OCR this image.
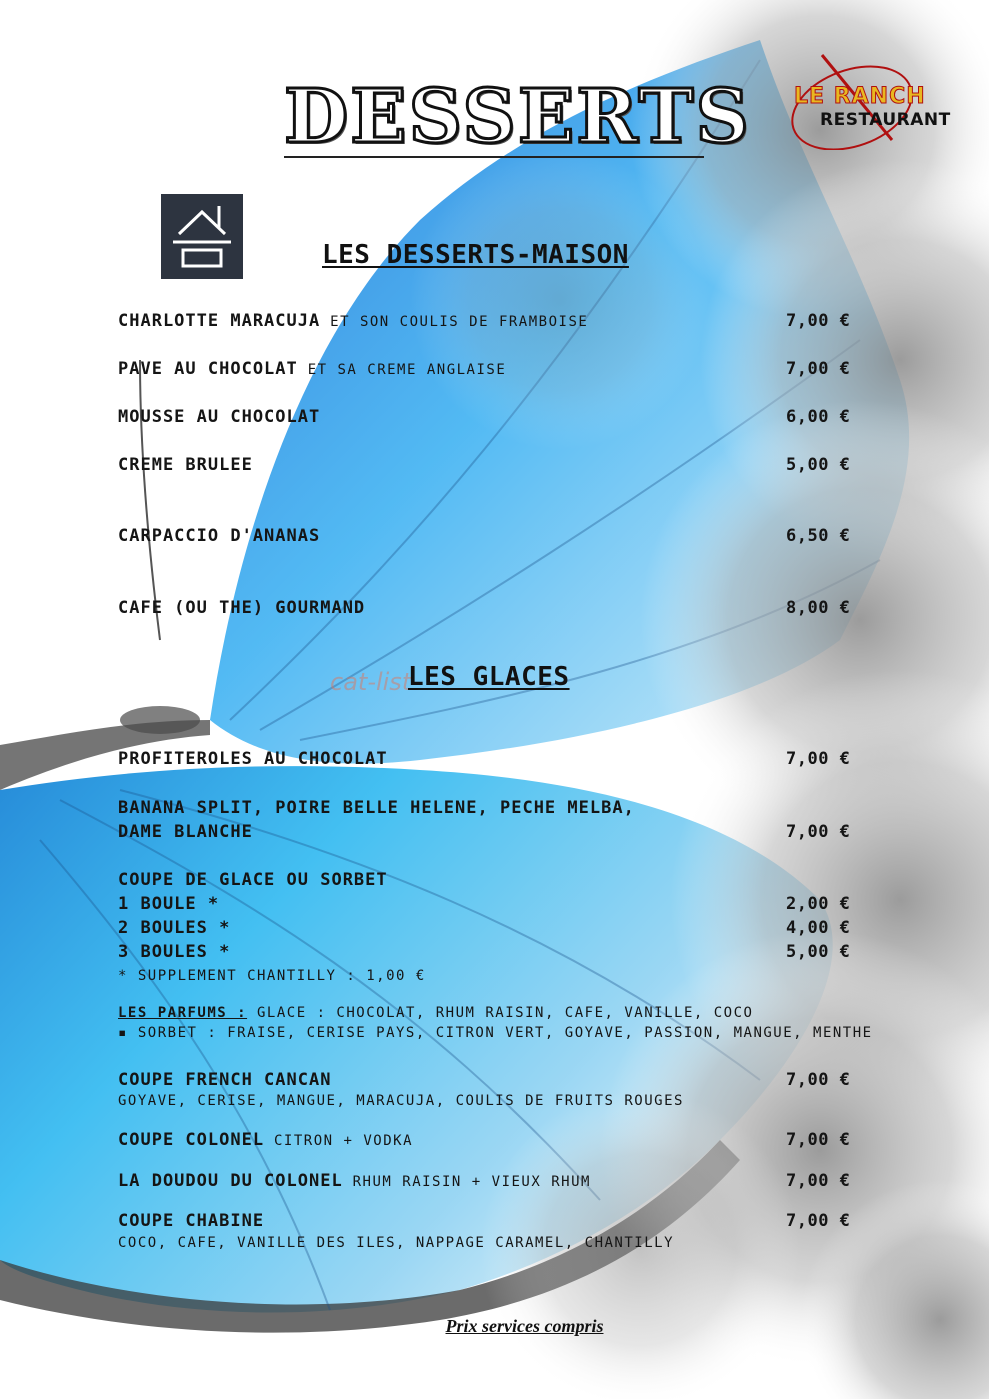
DESSERTS LE RANCH
RESTAURANT
LES DESSERTS-MAISON
CHARLOTTE MARACUJA ET SON COULIS DE FRAMBOISE	7,00 €
PAVE AU CHOCOLAT ET SA CREME ANGLAISE	7,00 €
MOUSSE AU CHOCOLAT	6,00 €
CREME BRULEE	5,00 €
CARPACCIO D'ANANAS	6,50 €
CAFE (OU THE) GOURMAND	8,00 €
cat-list
LES GLACES
PROFITEROLES AU CHOCOLAT	7,00 €
BANANA SPLIT, POIRE BELLE HELENE, PECHE MELBA,
DAME BLANCHE	7,00 €
COUPE DE GLACE OU SORBET
1 BOULE *	2,00 €
2 BOULES *	4,00 €
3 BOULES *	5,00 €
* SUPPLEMENT CHANTILLY : 1,00 €
LES PARFUMS : GLACE : CHOCOLAT, RHUM RAISIN, CAFE, VANILLE, COCO
▪ SORBET : FRAISE, CERISE PAYS, CITRON VERT, GOYAVE, PASSION, MANGUE, MENTHE
COUPE FRENCH CANCAN	7,00 €
GOYAVE, CERISE, MANGUE, MARACUJA, COULIS DE FRUITS ROUGES
COUPE COLONEL CITRON + VODKA	7,00 €
LA DOUDOU DU COLONEL RHUM RAISIN + VIEUX RHUM	7,00 €
COUPE CHABINE	7,00 €
COCO, CAFE, VANILLE DES ILES, NAPPAGE CARAMEL, CHANTILLY
Prix services compris
